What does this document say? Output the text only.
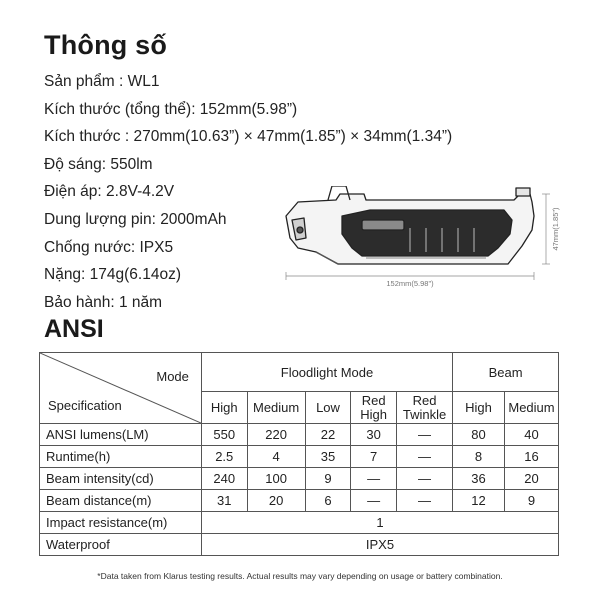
Thông số
Sản phẩm : WL1
Kích thước (tổng thể): 152mm(5.98”)
Kích thước : 270mm(10.63”) × 47mm(1.85”) × 34mm(1.34”)
Độ sáng: 550lm
Điện áp: 2.8V-4.2V
Dung lượng pin: 2000mAh
Chống nước: IPX5
Nặng: 174g(6.14oz)
Bảo hành: 1 năm
152mm(5.98")
47mm(1.85")
ANSI
Mode
Specification	Floodlight Mode					Beam	
	High	Medium	Low	Red High	Red Twinkle	High	Medium
ANSI lumens(LM)	550	220	22	30	—	80	40
Runtime(h)	2.5	4	35	7	—	8	16
Beam intensity(cd)	240	100	9	—	—	36	20
Beam distance(m)	31	20	6	—	—	12	9
Impact resistance(m)	1						
Waterproof	IPX5						
*Data taken from Klarus testing results. Actual results may vary depending on usage or battery combination.
